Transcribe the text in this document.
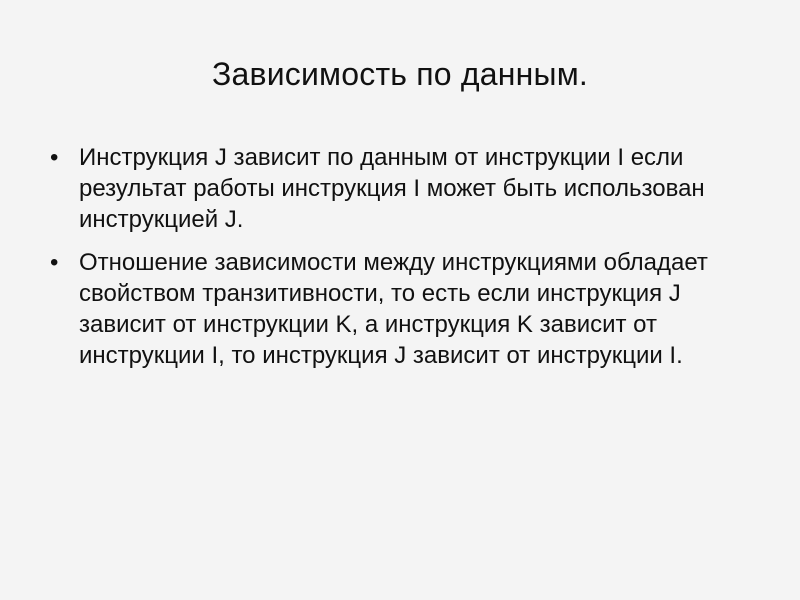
Зависимость по данным.
• Инструкция J зависит по данным от инструкции I если результат работы инструкция I может быть использован инструкцией J.
• Отношение зависимости между инструкциями обладает свойством транзитивности, то есть если инструкция J зависит от инструкции K, а инструкция K зависит от инструкции I, то инструкция J зависит от инструкции I.
